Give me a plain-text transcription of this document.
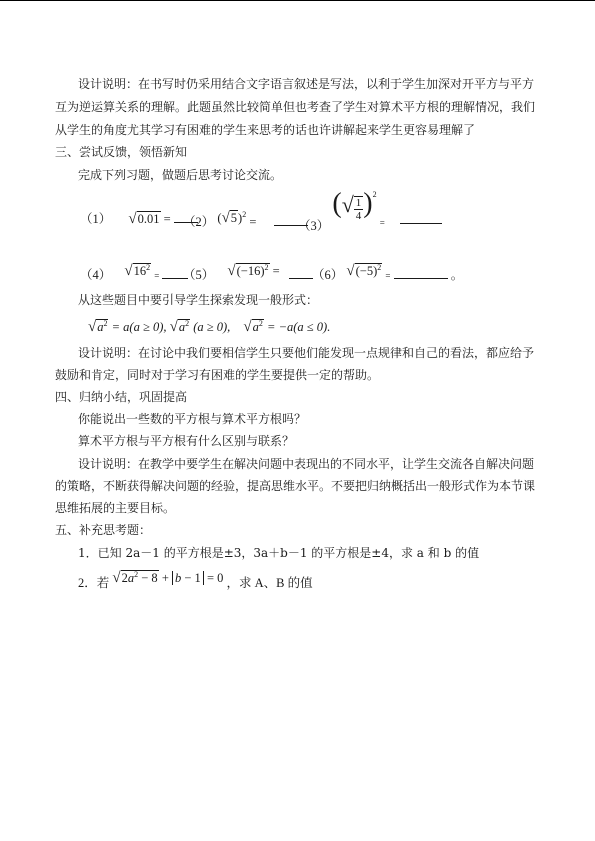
设计说明：在书写时仍采用结合文字语言叙述是写法，以利于学生加深对开平方与平方
互为逆运算关系的理解。此题虽然比较简单但也考查了学生对算术平方根的理解情况，我们
从学生的角度尤其学习有困难的学生来思考的话也许讲解起来学生更容易理解了
三、尝试反馈，领悟新知
完成下列习题，做题后思考讨论交流。
（1） √0.01 = （2） $(√5)^2$ =	（3） (√ $\frac{1}{4} )^2$ $_=$
（4） $√16^2$ =	（5） $√(-16)^2$ =	（6） $√(-5)^2$ =	。
从这些题目中要引导学生探索发现一般形式：
$√a^2 = a(a \ge 0)$, $√a^2$ (a ≥ 0), $√a^2 = -a(a \le 0)$.
设计说明：在讨论中我们要相信学生只要他们能发现一点规律和自己的看法，都应给予
鼓励和肯定，同时对于学习有困难的学生要提供一定的帮助。
四、归纳小结，巩固提高
你能说出一些数的平方根与算术平方根吗？
算术平方根与平方根有什么区别与联系？
设计说明：在教学中要学生在解决问题中表现出的不同水平，让学生交流各自解决问题
的策略，不断获得解决问题的经验，提高思维水平。不要把归纳概括出一般形式作为本节课
思维拓展的主要目标。
五、补充思考题：
1．已知 2a－1 的平方根是±3，3a＋b－1 的平方根是±4，求 a 和 b 的值
2．若 $√2a^2 - 8 + b - 1 = 0$ ，求 A、B 的值
